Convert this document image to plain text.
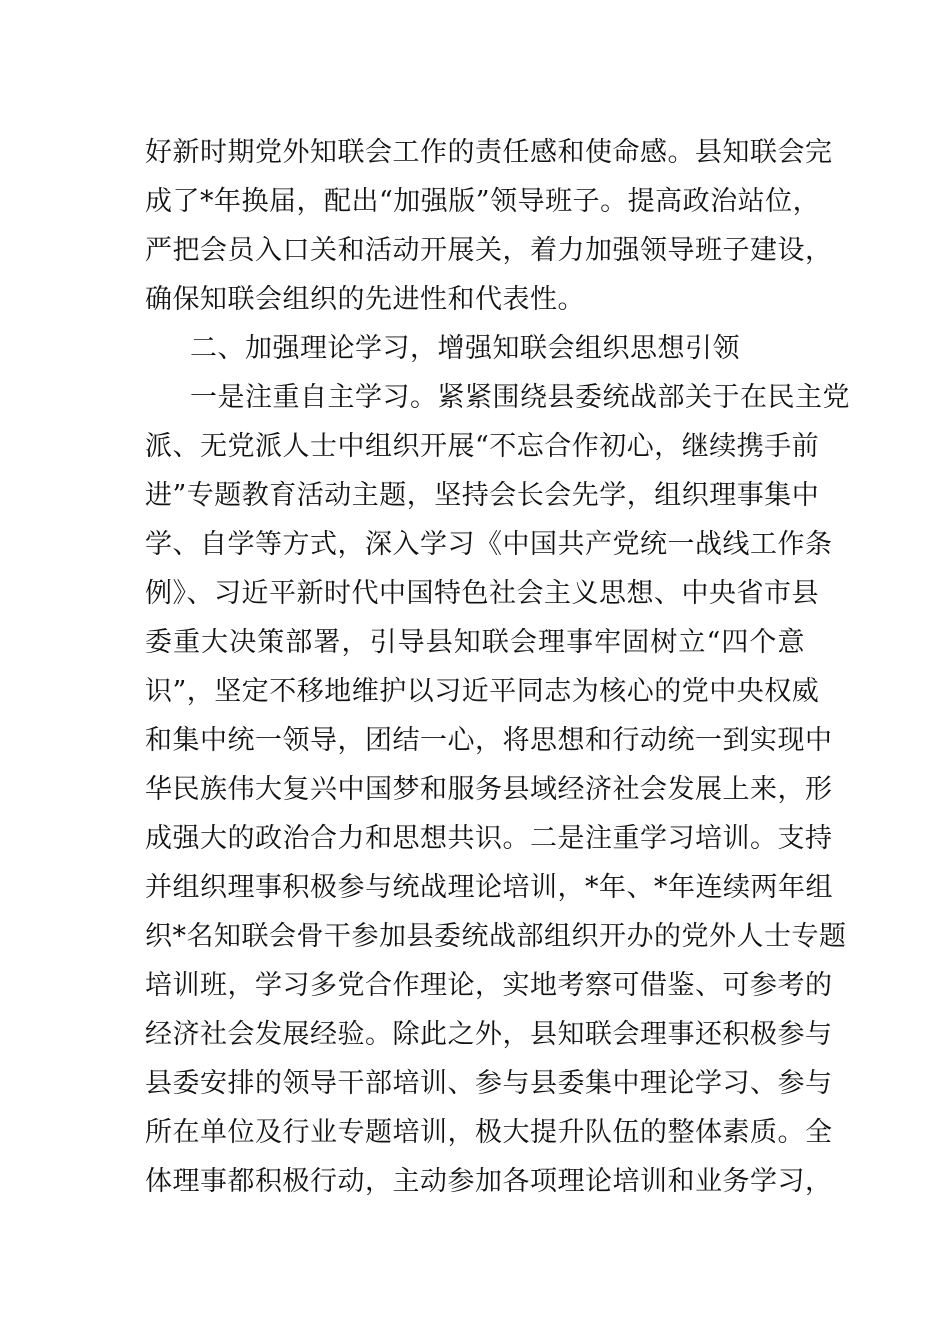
好新时期党外知联会工作的责任感和使命感。县知联会完
成了*年换届，配出“加强版”领导班子。提高政治站位，
严把会员入口关和活动开展关，着力加强领导班子建设，
确保知联会组织的先进性和代表性。
二、加强理论学习，增强知联会组织思想引领
一是注重自主学习。紧紧围绕县委统战部关于在民主党
派、无党派人士中组织开展“不忘合作初心，继续携手前
进”专题教育活动主题，坚持会长会先学，组织理事集中
学、自学等方式，深入学习《中国共产党统一战线工作条
例》、习近平新时代中国特色社会主义思想、中央省市县
委重大决策部署，引导县知联会理事牢固树立“四个意
识”，坚定不移地维护以习近平同志为核心的党中央权威
和集中统一领导，团结一心，将思想和行动统一到实现中
华民族伟大复兴中国梦和服务县域经济社会发展上来，形
成强大的政治合力和思想共识。二是注重学习培训。支持
并组织理事积极参与统战理论培训，*年、*年连续两年组
织*名知联会骨干参加县委统战部组织开办的党外人士专题
培训班，学习多党合作理论，实地考察可借鉴、可参考的
经济社会发展经验。除此之外，县知联会理事还积极参与
县委安排的领导干部培训、参与县委集中理论学习、参与
所在单位及行业专题培训，极大提升队伍的整体素质。全
体理事都积极行动，主动参加各项理论培训和业务学习，
